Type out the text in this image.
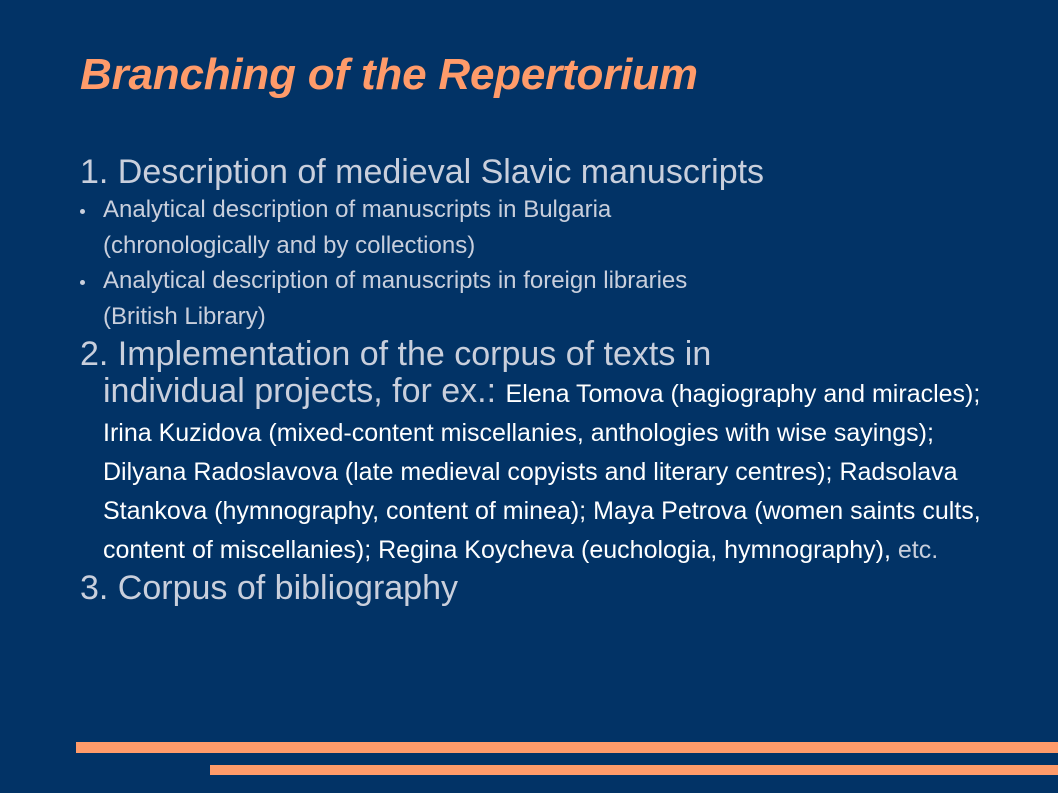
Branching of the Repertorium
1. Description of medieval Slavic manuscripts
Analytical description of manuscripts in Bulgaria
(chronologically and by collections)
Analytical description of manuscripts in foreign libraries
(British Library)
2. Implementation of the corpus of texts in
individual projects, for ex.: Elena Tomova (hagiography and miracles); Irina Kuzidova (mixed-content miscellanies, anthologies with wise sayings); Dilyana Radoslavova (late medieval copyists and literary centres); Radsolava Stankova (hymnography, content of minea); Maya Petrova (women saints cults, content of miscellanies); Regina Koycheva (euchologia, hymnography), etc.
3. Corpus of bibliography
